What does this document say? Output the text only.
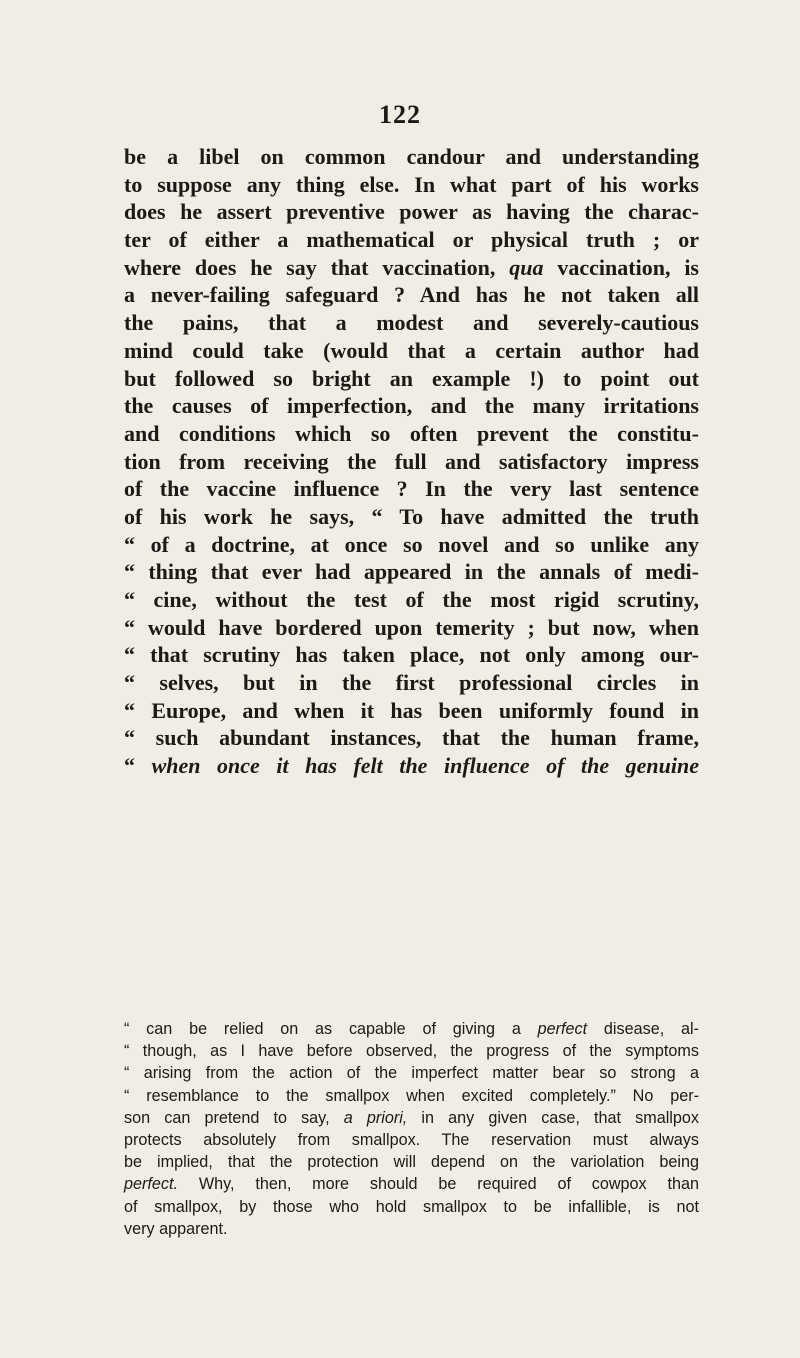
122
be a libel on common candour and understanding
to suppose any thing else. In what part of his works
does he assert preventive power as having the charac-
ter of either a mathematical or physical truth ; or
where does he say that vaccination, qua vaccination, is
a never-failing safeguard ? And has he not taken all
the pains, that a modest and severely-cautious
mind could take (would that a certain author had
but followed so bright an example !) to point out
the causes of imperfection, and the many irritations
and conditions which so often prevent the constitu-
tion from receiving the full and satisfactory impress
of the vaccine influence ? In the very last sentence
of his work he says, “ To have admitted the truth
“ of a doctrine, at once so novel and so unlike any
“ thing that ever had appeared in the annals of medi-
“ cine, without the test of the most rigid scrutiny,
“ would have bordered upon temerity ; but now, when
“ that scrutiny has taken place, not only among our-
“ selves, but in the first professional circles in
“ Europe, and when it has been uniformly found in
“ such abundant instances, that the human frame,
“ when once it has felt the influence of the genuine
“ can be relied on as capable of giving a perfect disease, al-
“ though, as I have before observed, the progress of the symptoms
“ arising from the action of the imperfect matter bear so strong a
“ resemblance to the smallpox when excited completely.” No per-
son can pretend to say, a priori, in any given case, that smallpox
protects absolutely from smallpox. The reservation must always
be implied, that the protection will depend on the variolation being
perfect. Why, then, more should be required of cowpox than
of smallpox, by those who hold smallpox to be infallible, is not
very apparent.
